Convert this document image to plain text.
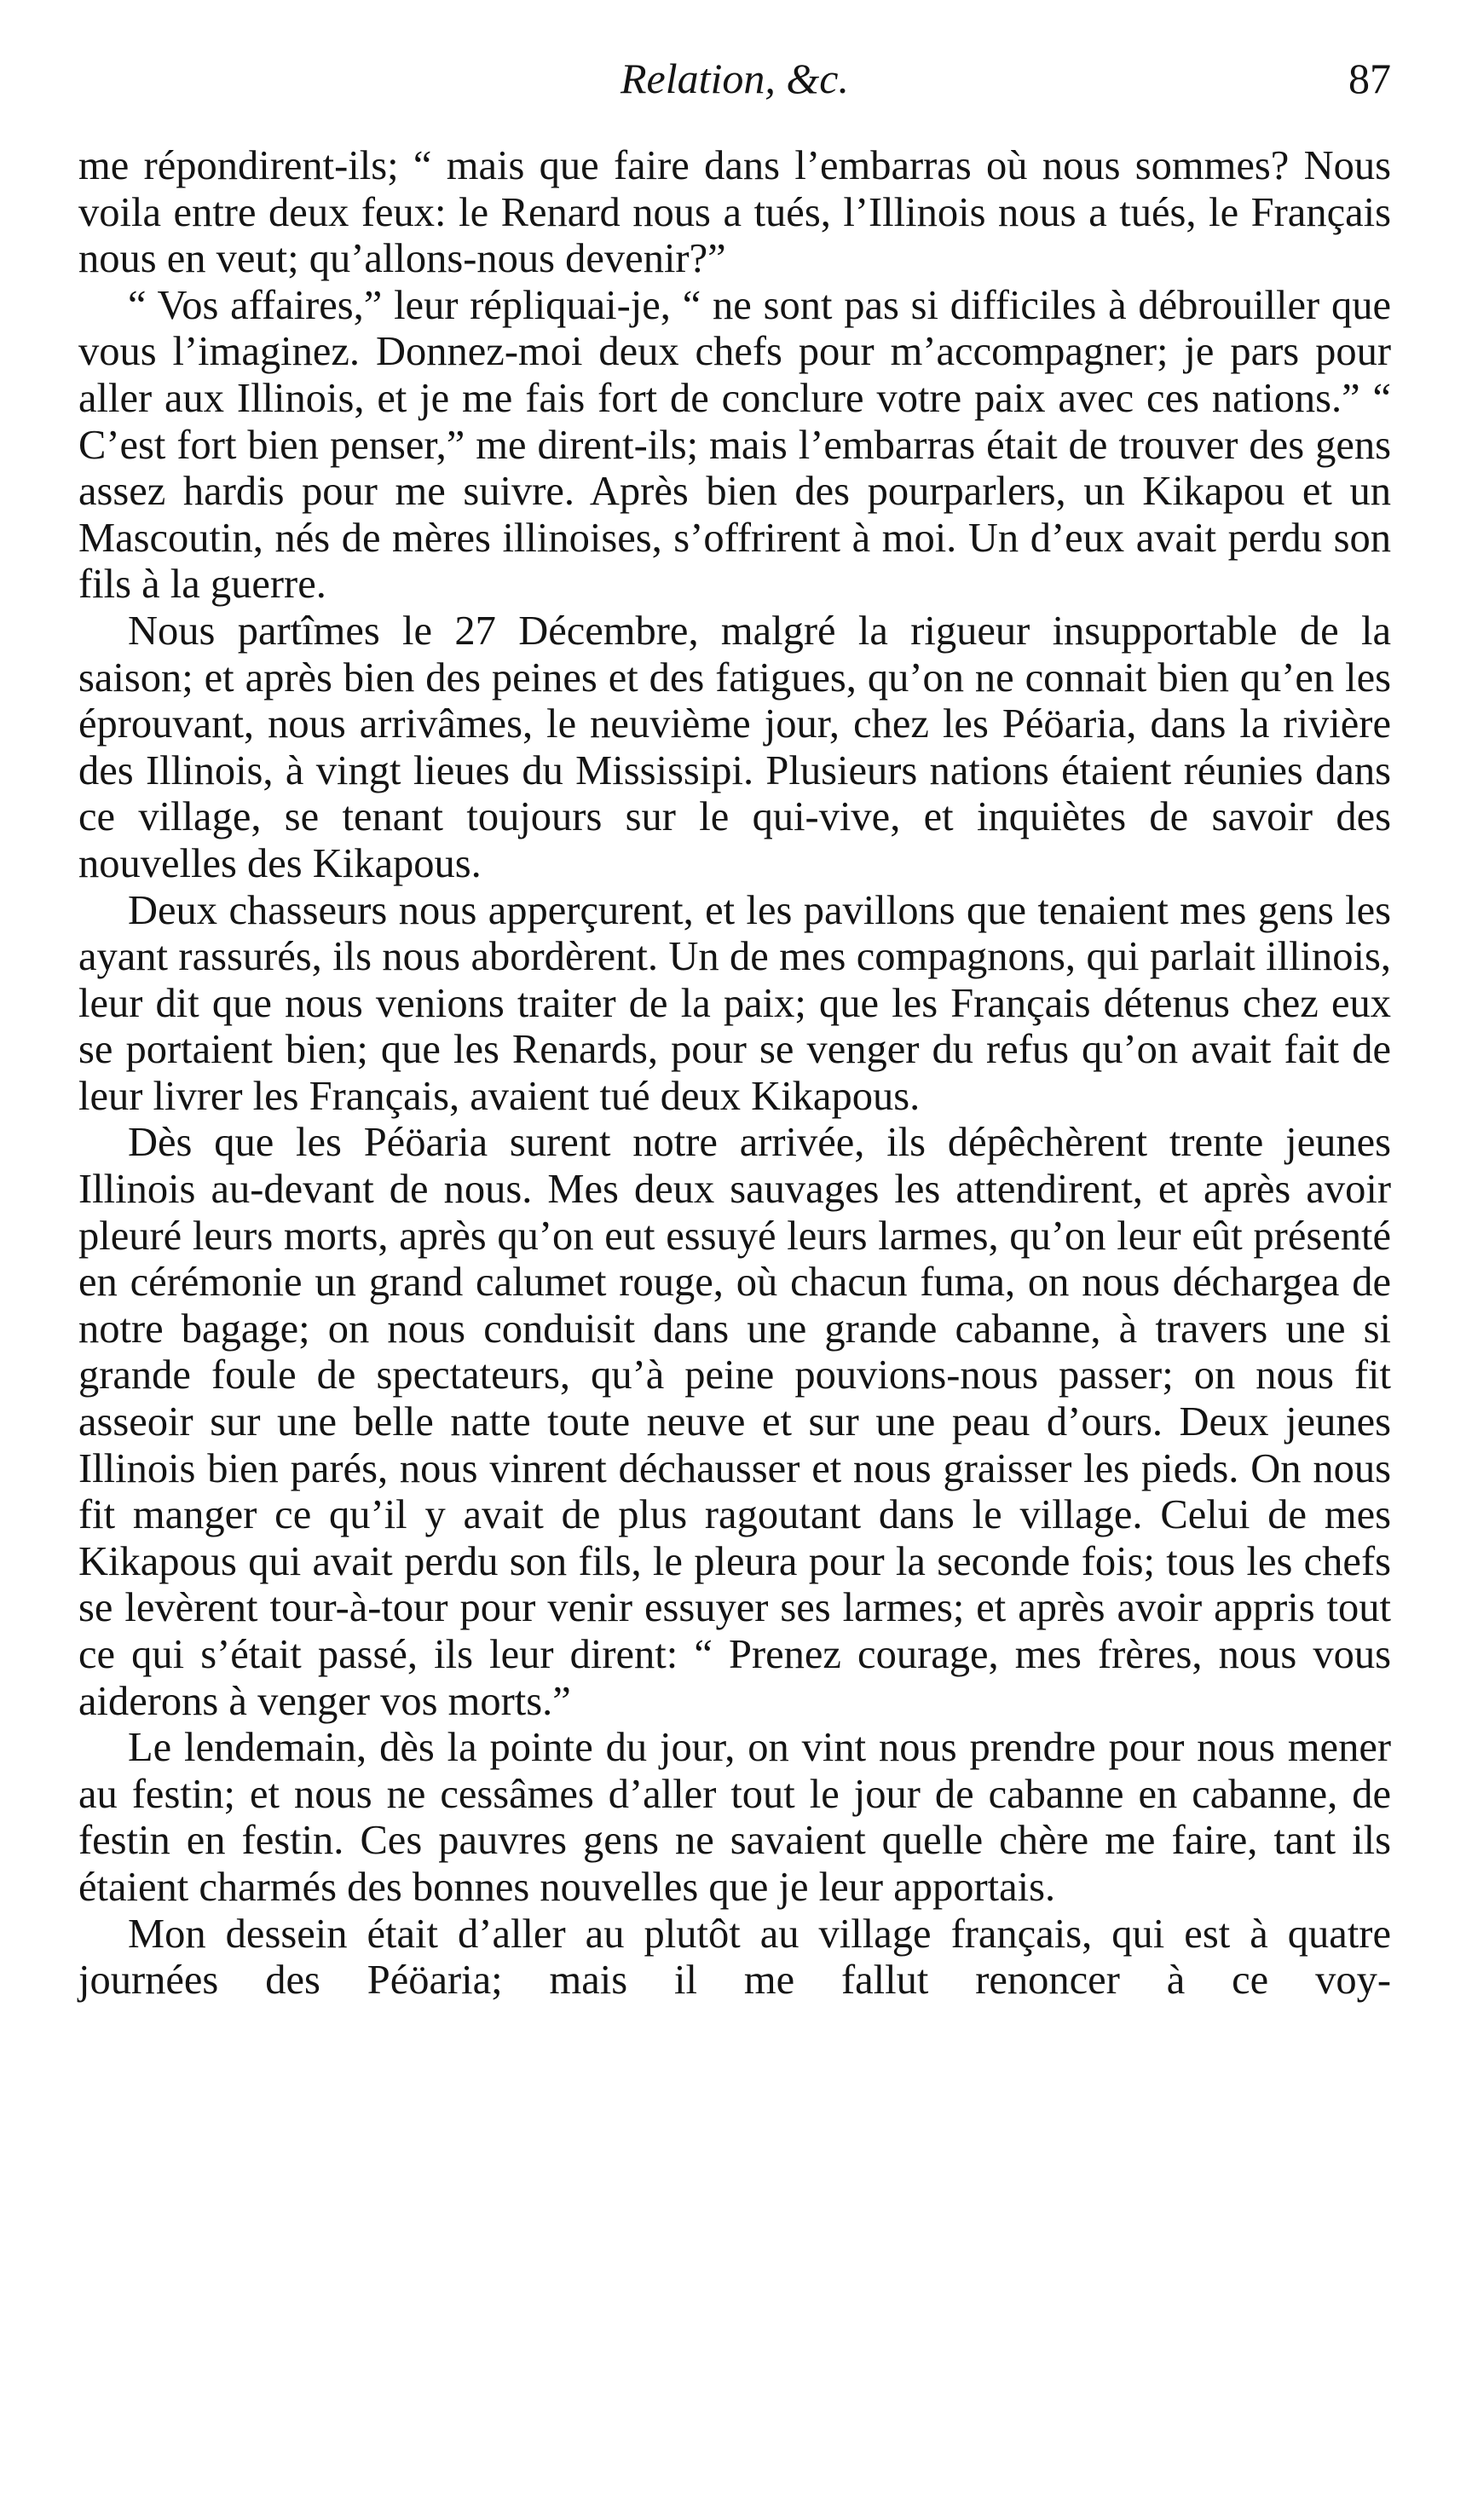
Relation, &c.	87

me répondirent-ils; “ mais que faire dans l’embarras où nous sommes? Nous voila entre deux feux: le Renard nous a tués, l’Illinois nous a tués, le Français nous en veut; qu’allons-nous devenir?”

“ Vos affaires,” leur répliquai-je, “ ne sont pas si difficiles à débrouiller que vous l’imaginez. Donnez-moi deux chefs pour m’accompagner; je pars pour aller aux Illinois, et je me fais fort de conclure votre paix avec ces nations.” “ C’est fort bien penser,” me dirent-ils; mais l’embarras était de trouver des gens assez hardis pour me suivre. Après bien des pourparlers, un Kikapou et un Mascoutin, nés de mères illinoises, s’offrirent à moi. Un d’eux avait perdu son fils à la guerre.

Nous partîmes le 27 Décembre, malgré la rigueur insupportable de la saison; et après bien des peines et des fatigues, qu’on ne connait bien qu’en les éprouvant, nous arrivâmes, le neuvième jour, chez les Péöaria, dans la rivière des Illinois, à vingt lieues du Mississipi. Plusieurs nations étaient réunies dans ce village, se tenant toujours sur le qui-vive, et inquiètes de savoir des nouvelles des Kikapous.

Deux chasseurs nous apperçurent, et les pavillons que tenaient mes gens les ayant rassurés, ils nous abordèrent. Un de mes compagnons, qui parlait illinois, leur dit que nous venions traiter de la paix; que les Français détenus chez eux se portaient bien; que les Renards, pour se venger du refus qu’on avait fait de leur livrer les Français, avaient tué deux Kikapous.

Dès que les Péöaria surent notre arrivée, ils dépêchèrent trente jeunes Illinois au-devant de nous. Mes deux sauvages les attendirent, et après avoir pleuré leurs morts, après qu’on eut essuyé leurs larmes, qu’on leur eût présenté en cérémonie un grand calumet rouge, où chacun fuma, on nous déchargea de notre bagage; on nous conduisit dans une grande cabanne, à travers une si grande foule de spectateurs, qu’à peine pouvions-nous passer; on nous fit asseoir sur une belle natte toute neuve et sur une peau d’ours. Deux jeunes Illinois bien parés, nous vinrent déchausser et nous graisser les pieds. On nous fit manger ce qu’il y avait de plus ragoutant dans le village. Celui de mes Kikapous qui avait perdu son fils, le pleura pour la seconde fois; tous les chefs se levèrent tour-à-tour pour venir essuyer ses larmes; et après avoir appris tout ce qui s’était passé, ils leur dirent: “ Prenez courage, mes frères, nous vous aiderons à venger vos morts.”

Le lendemain, dès la pointe du jour, on vint nous prendre pour nous mener au festin; et nous ne cessâmes d’aller tout le jour de cabanne en cabanne, de festin en festin. Ces pauvres gens ne savaient quelle chère me faire, tant ils étaient charmés des bonnes nouvelles que je leur apportais.

Mon dessein était d’aller au plutôt au village français, qui est à quatre journées des Péöaria; mais il me fallut renoncer à ce voy-
